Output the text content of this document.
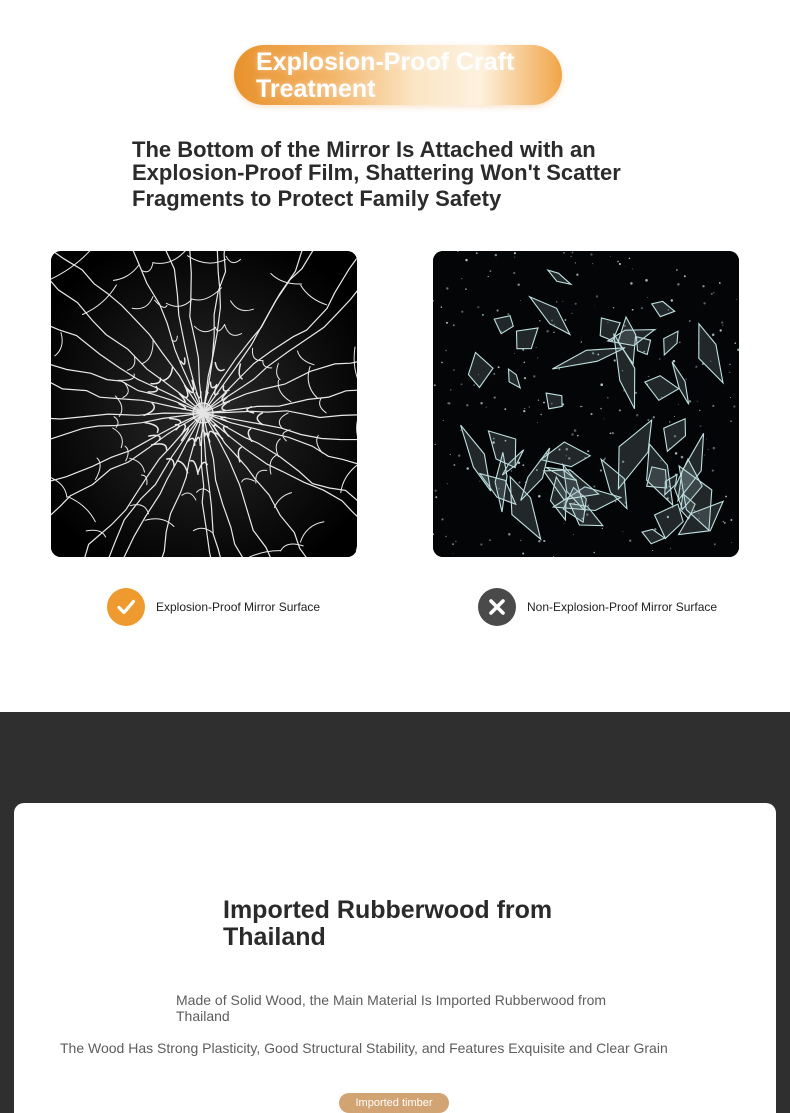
Explosion-Proof Craft Treatment
The Bottom of the Mirror Is Attached with an
Explosion-Proof Film, Shattering Won't Scatter
Fragments to Protect Family Safety
Explosion-Proof Mirror Surface	Non-Explosion-Proof Mirror Surface
Imported Rubberwood from Thailand

Made of Solid Wood, the Main Material Is Imported Rubberwood from Thailand

The Wood Has Strong Plasticity, Good Structural Stability, and Features Exquisite and Clear Grain

Imported timber
